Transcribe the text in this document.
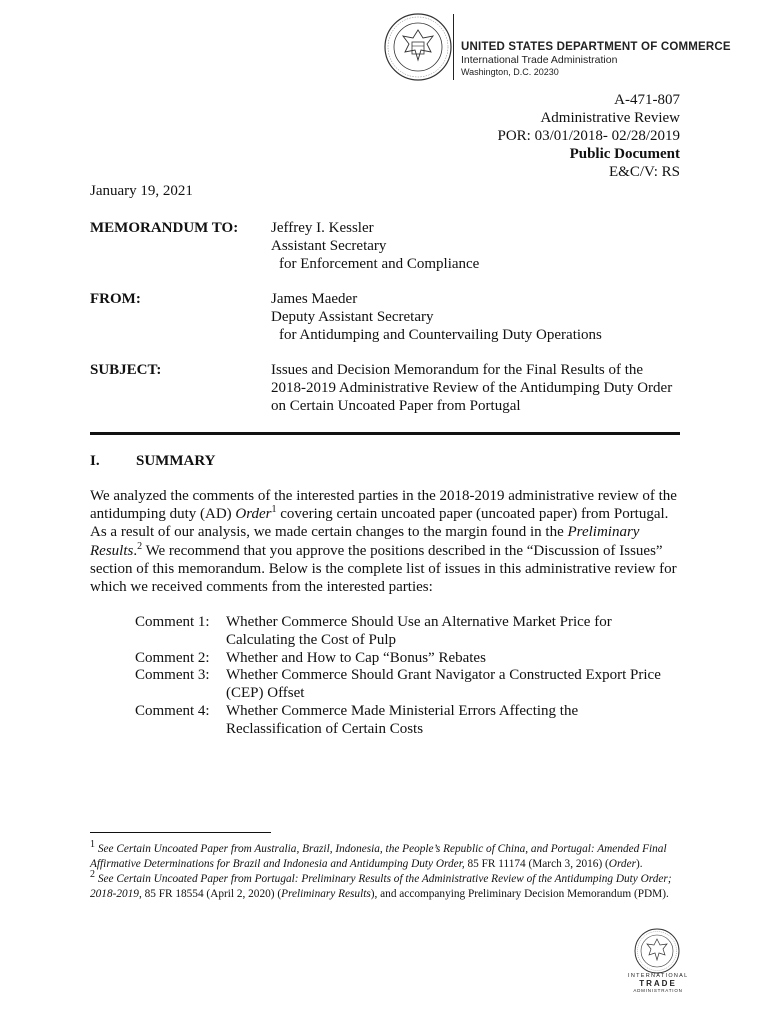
UNITED STATES DEPARTMENT OF COMMERCE
International Trade Administration
Washington, D.C. 20230
A-471-807
Administrative Review
POR: 03/01/2018- 02/28/2019
Public Document
E&C/V: RS
January 19, 2021
MEMORANDUM TO:	Jeffrey I. Kessler
Assistant Secretary
for Enforcement and Compliance
FROM:	James Maeder
Deputy Assistant Secretary
for Antidumping and Countervailing Duty Operations
SUBJECT:	Issues and Decision Memorandum for the Final Results of the
2018-2019 Administrative Review of the Antidumping Duty Order
on Certain Uncoated Paper from Portugal
I. SUMMARY
We analyzed the comments of the interested parties in the 2018-2019 administrative review of the antidumping duty (AD) Order$^1$ covering certain uncoated paper (uncoated paper) from Portugal. As a result of our analysis, we made certain changes to the margin found in the Preliminary Results.$^2$ We recommend that you approve the positions described in the “Discussion of Issues” section of this memorandum. Below is the complete list of issues in this administrative review for which we received comments from the interested parties:
Comment 1:	Whether Commerce Should Use an Alternative Market Price for
Calculating the Cost of Pulp
Comment 2:	Whether and How to Cap “Bonus” Rebates
Comment 3:	Whether Commerce Should Grant Navigator a Constructed Export Price
(CEP) Offset
Comment 4:	Whether Commerce Made Ministerial Errors Affecting the
Reclassification of Certain Costs
$^1$ See Certain Uncoated Paper from Australia, Brazil, Indonesia, the People’s Republic of China, and Portugal: Amended Final Affirmative Determinations for Brazil and Indonesia and Antidumping Duty Order, 85 FR 11174 (March 3, 2016) (Order).
$^2$ See Certain Uncoated Paper from Portugal: Preliminary Results of the Administrative Review of the Antidumping Duty Order; 2018-2019, 85 FR 18554 (April 2, 2020) (Preliminary Results), and accompanying Preliminary Decision Memorandum (PDM).
INTERNATIONAL
TRADE
ADMINISTRATION
